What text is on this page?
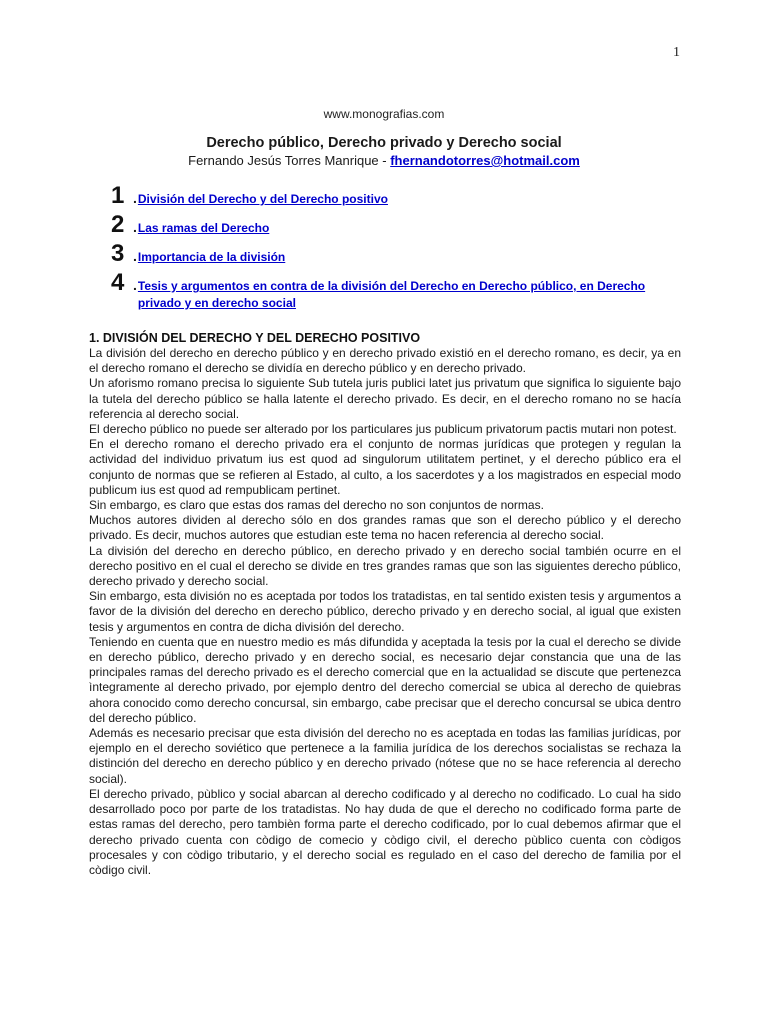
1
www.monografias.com
Derecho público, Derecho privado y Derecho social
Fernando Jesús Torres Manrique - fhernandotorres@hotmail.com
1 . División del Derecho y del Derecho positivo
2 . Las ramas del Derecho
3 . Importancia de la división
4 . Tesis y argumentos en contra de la división del Derecho en Derecho público, en Derecho privado y en derecho social
1. DIVISIÓN DEL DERECHO Y DEL DERECHO POSITIVO

La división del derecho en derecho público y en derecho privado existió en el derecho romano, es decir, ya en el derecho romano el derecho se dividía en derecho público y en derecho privado.

Un aforismo romano precisa lo siguiente Sub tutela juris publici latet jus privatum que significa lo siguiente bajo la tutela del derecho público se halla latente el derecho privado. Es decir, en el derecho romano no se hacía referencia al derecho social.

El derecho público no puede ser alterado por los particulares jus publicum privatorum pactis mutari non potest.

En el derecho romano el derecho privado era el conjunto de normas jurídicas que protegen y regulan la actividad del individuo privatum ius est quod ad singulorum utilitatem pertinet, y el derecho público era el conjunto de normas que se refieren al Estado, al culto, a los sacerdotes y a los magistrados en especial modo publicum ius est quod ad rempublicam pertinet.

Sin embargo, es claro que estas dos ramas del derecho no son conjuntos de normas.

Muchos autores dividen al derecho sólo en dos grandes ramas que son el derecho público y el derecho privado. Es decir, muchos autores que estudian este tema no hacen referencia al derecho social.

La división del derecho en derecho público, en derecho privado y en derecho social también ocurre en el derecho positivo en el cual el derecho se divide en tres grandes ramas que son las siguientes derecho público, derecho privado y derecho social.

Sin embargo, esta división no es aceptada por todos los tratadistas, en tal sentido existen tesis y argumentos a favor de la división del derecho en derecho público, derecho privado y en derecho social, al igual que existen tesis y argumentos en contra de dicha división del derecho.

Teniendo en cuenta que en nuestro medio es más difundida y aceptada la tesis por la cual el derecho se divide en derecho público, derecho privado y en derecho social, es necesario dejar constancia que una de las principales ramas del derecho privado es el derecho comercial que en la actualidad se discute que pertenezca ìntegramente al derecho privado, por ejemplo dentro del derecho comercial se ubica al derecho de quiebras ahora conocido como derecho concursal, sin embargo, cabe precisar que el derecho concursal se ubica dentro del derecho público.

Además es necesario precisar que esta división del derecho no es aceptada en todas las familias jurídicas, por ejemplo en el derecho soviético que pertenece a la familia jurídica de los derechos socialistas se rechaza la distinción del derecho en derecho público y en derecho privado (nótese que no se hace referencia al derecho social).

El derecho privado, pùblico y social abarcan al derecho codificado y al derecho no codificado. Lo cual ha sido desarrollado poco por parte de los tratadistas. No hay duda de que el derecho no codificado forma parte de estas ramas del derecho, pero tambièn forma parte el derecho codificado, por lo cual debemos afirmar que el derecho privado cuenta con còdigo de comecio y còdigo civil, el derecho pùblico cuenta con còdigos procesales y con còdigo tributario, y el derecho social es regulado en el caso del derecho de familia por el còdigo civil.
